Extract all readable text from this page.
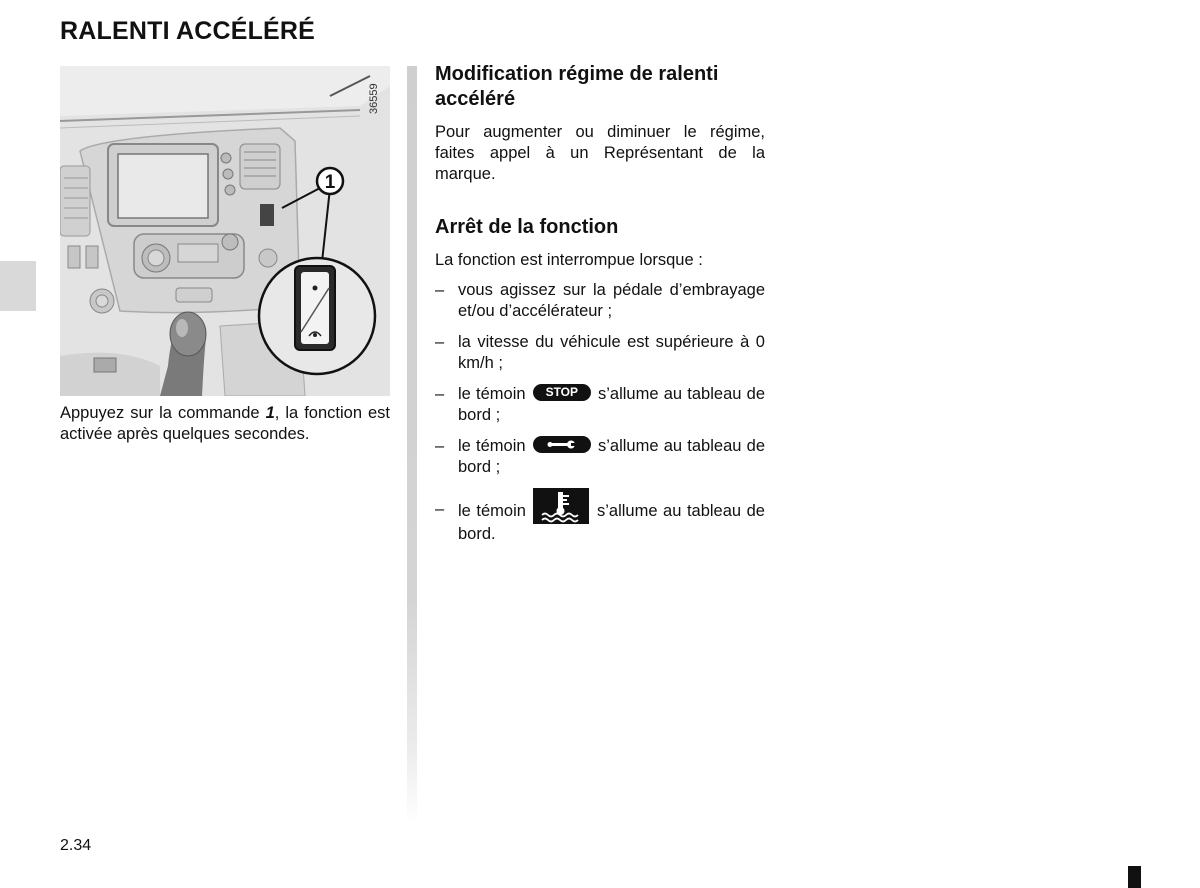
RALENTI ACCÉLÉRÉ
1
36559
Appuyez sur la commande 1, la fonction est activée après quelques secondes.
Modification régime de ralenti accéléré

Pour augmenter ou diminuer le régime, faites appel à un Représentant de la marque.

Arrêt de la fonction

La fonction est interrompue lorsque :

– vous agissez sur la pédale d’embrayage et/ou d’accélérateur ;
– la vitesse du véhicule est supérieure à 0 km/h ;
– le témoin	STOP s’allume au tableau de bord ;
– le témoin	s’allume au tableau de bord ;
– le témoin	s’allume au tableau de bord.
2.34
